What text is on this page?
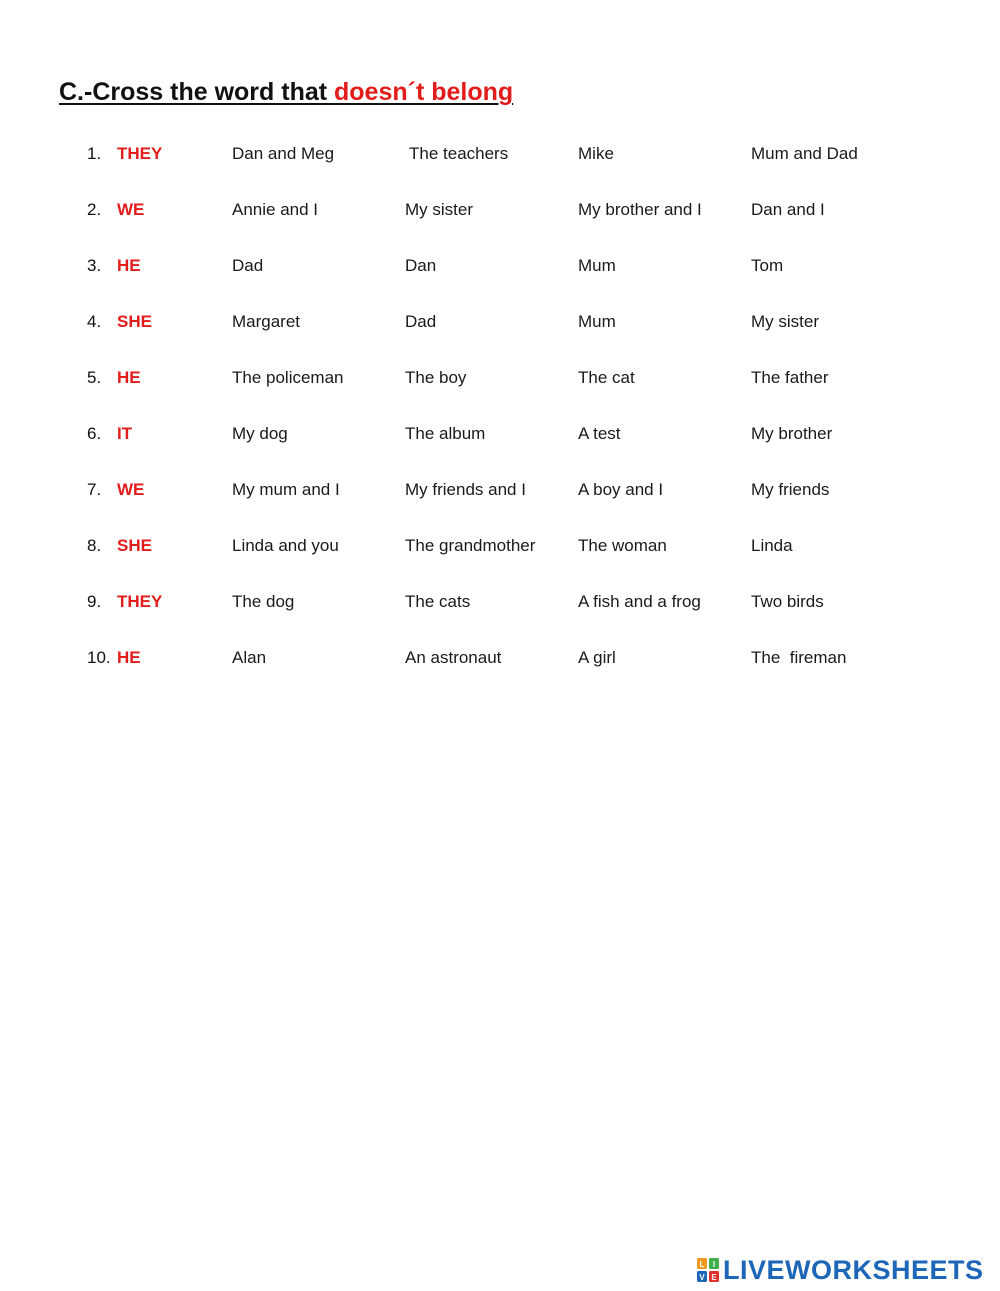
C.-Cross the word that doesn´t belong
1. THEY	Dan and Meg	The teachers	Mike	Mum and Dad
2. WE	Annie and I	My sister	My brother and I	Dan and I
3. HE	Dad	Dan	Mum	Tom
4. SHE	Margaret	Dad	Mum	My sister
5. HE	The policeman	The boy	The cat	The father
6. IT	My dog	The album	A test	My brother
7. WE	My mum and I	My friends and I	A boy and I	My friends
8. SHE	Linda and you	The grandmother	The woman	Linda
9. THEY	The dog	The cats	A fish and a frog	Two birds
10. HE	Alan	An astronaut	A girl	The  fireman
L I
V E LIVEWORKSHEETS
